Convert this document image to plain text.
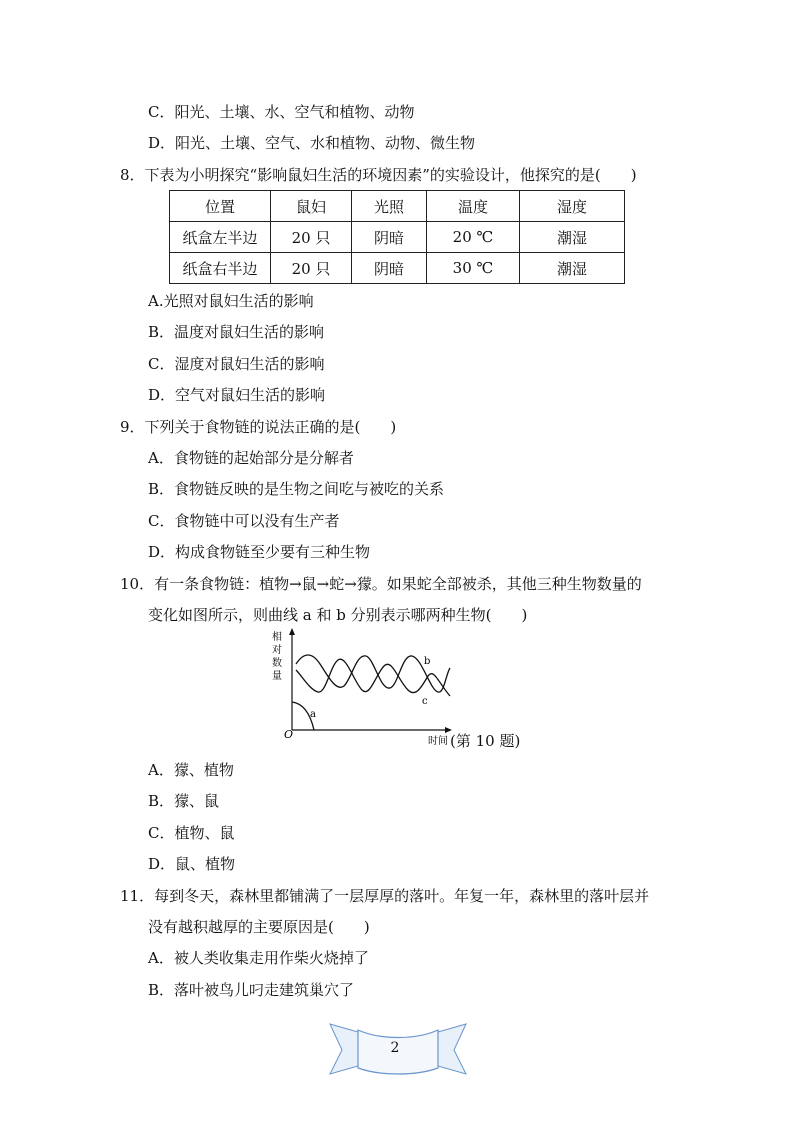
C．阳光、土壤、水、空气和植物、动物
D．阳光、土壤、空气、水和植物、动物、微生物
8．下表为小明探究“影响鼠妇生活的环境因素”的实验设计，他探究的是(　　)
位置	鼠妇	光照	温度	湿度
纸盒左半边	20 只	阴暗	20 ℃	潮湿
纸盒右半边	20 只	阴暗	30 ℃	潮湿
A.光照对鼠妇生活的影响
B．温度对鼠妇生活的影响
C．湿度对鼠妇生活的影响
D．空气对鼠妇生活的影响
9．下列关于食物链的说法正确的是(　　)
A．食物链的起始部分是分解者
B．食物链反映的是生物之间吃与被吃的关系
C．食物链中可以没有生产者
D．构成食物链至少要有三种生物
10．有一条食物链：植物→鼠→蛇→獴。如果蛇全部被杀，其他三种生物数量的
变化如图所示，则曲线 a 和 b 分别表示哪两种生物(　　)
相
对
数
量
O
时间
a
b
c
(第 10 题)
A．獴、植物
B．獴、鼠
C．植物、鼠
D．鼠、植物
11．每到冬天，森林里都铺满了一层厚厚的落叶。年复一年，森林里的落叶层并
没有越积越厚的主要原因是(　　)
A．被人类收集走用作柴火烧掉了
B．落叶被鸟儿叼走建筑巢穴了
2
